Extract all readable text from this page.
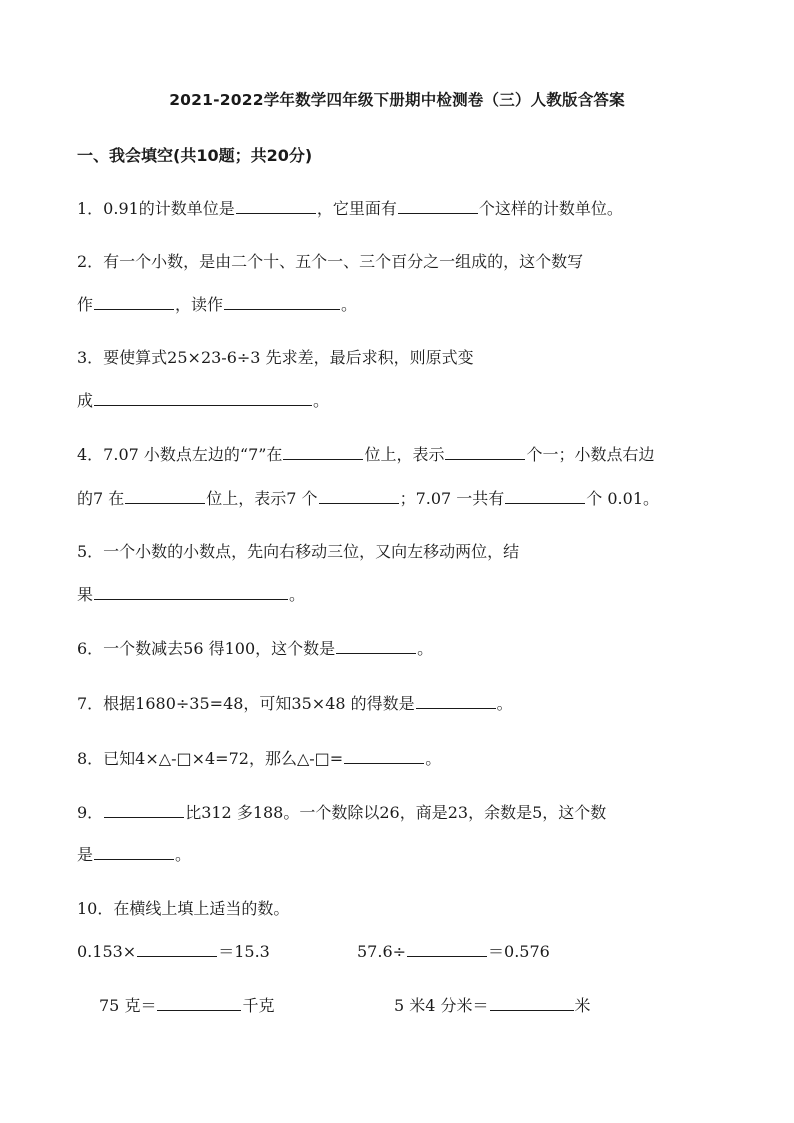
2021-2022学年数学四年级下册期中检测卷（三）人教版含答案
一、我会填空(共10题；共20分)
1．0.91的计数单位是	，它里面有	个这样的计数单位。
2．有一个小数，是由二个十、五个一、三个百分之一组成的，这个数写
作	，读作	。
3．要使算式25×23-6÷3 先求差，最后求积，则原式变
成	。
4．7.07 小数点左边的“7”在	位上，表示	个一；小数点右边
的7 在	位上，表示7 个	；7.07 一共有	个 0.01。
5．一个小数的小数点，先向右移动三位，又向左移动两位，结
果	。
6．一个数减去56 得100，这个数是	。
7．根据1680÷35=48，可知35×48 的得数是	。
8．已知4×△-□×4=72，那么△-□=	。
9．	比312 多188。一个数除以26，商是23，余数是5，这个数
是	。
10．在横线上填上适当的数。
0.153×	＝15.3	57.6÷	＝0.576
75 克＝	千克	5 米4 分米＝	米
